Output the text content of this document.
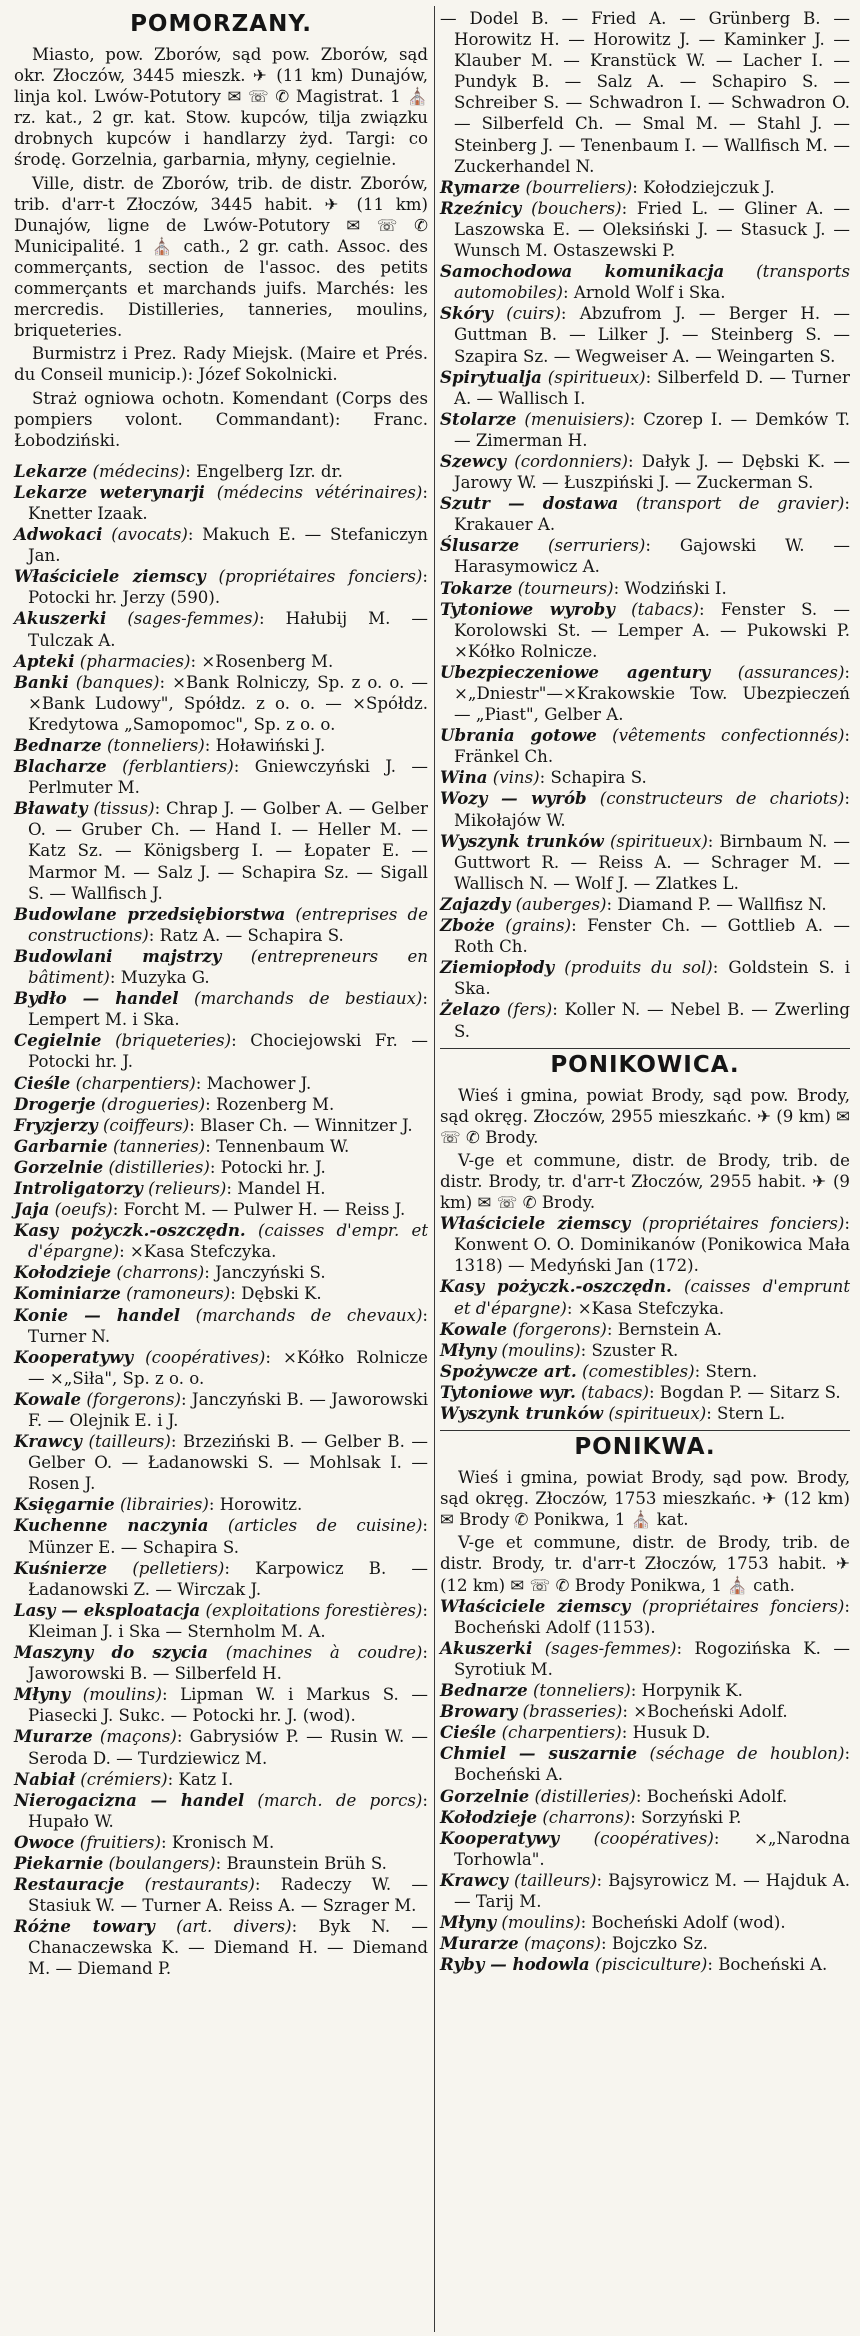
POMORZANY.

Miasto, pow. Zborów, sąd pow. Zborów, sąd okr. Złoczów, 3445 mieszk. ✈ (11 km) Dunajów, linja kol. Lwów-Potutory ✉ ☏ ✆ Magistrat. 1 ⛪ rz. kat., 2 gr. kat. Stow. kupców, tilja związku drobnych kupców i handlarzy żyd. Targi: co środę. Gorzelnia, garbarnia, młyny, cegielnie.

Ville, distr. de Zborów, trib. de distr. Zborów, trib. d'arr-t Złoczów, 3445 habit. ✈ (11 km) Dunajów, ligne de Lwów-Potutory ✉ ☏ ✆ Municipalité. 1 ⛪ cath., 2 gr. cath. Assoc. des commerçants, section de l'assoc. des petits commerçants et marchands juifs. Marchés: les mercredis. Distilleries, tanneries, moulins, briqueteries.

Burmistrz i Prez. Rady Miejsk. (Maire et Prés. du Conseil municip.): Józef Sokolnicki.

Straż ogniowa ochotn. Komendant (Corps des pompiers volont. Commandant): Franc. Łobodziński.

Lekarze (médecins): Engelberg Izr. dr.

Lekarze weterynarji (médecins vétérinaires): Knetter Izaak.

Adwokaci (avocats): Makuch E. — Stefaniczyn Jan.

Właściciele ziemscy (propriétaires fonciers): Potocki hr. Jerzy (590).

Akuszerki (sages-femmes): Hałubij M. — Tulczak A.

Apteki (pharmacies): ×Rosenberg M.

Banki (banques): ×Bank Rolniczy, Sp. z o. o. — ×Bank Ludowy", Spółdz. z o. o. — ×Spółdz. Kredytowa „Samopomoc", Sp. z o. o.

Bednarze (tonneliers): Hoławiński J.

Blacharze (ferblantiers): Gniewczyński J. — Perlmuter M.

Bławaty (tissus): Chrap J. — Golber A. — Gelber O. — Gruber Ch. — Hand I. — Heller M. — Katz Sz. — Königsberg I. — Łopater E. — Marmor M. — Salz J. — Schapira Sz. — Sigall S. — Wallfisch J.

Budowlane przedsiębiorstwa (entreprises de constructions): Ratz A. — Schapira S.

Budowlani majstrzy (entrepreneurs en bâtiment): Muzyka G.

Bydło — handel (marchands de bestiaux): Lempert M. i Ska.

Cegielnie (briqueteries): Chociejowski Fr. — Potocki hr. J.

Cieśle (charpentiers): Machower J.

Drogerje (drogueries): Rozenberg M.

Fryzjerzy (coiffeurs): Blaser Ch. — Winnitzer J.

Garbarnie (tanneries): Tennenbaum W.

Gorzelnie (distilleries): Potocki hr. J.

Introligatorzy (relieurs): Mandel H.

Jaja (oeufs): Forcht M. — Pulwer H. — Reiss J.

Kasy pożyczk.-oszczędn. (caisses d'empr. et d'épargne): ×Kasa Stefczyka.

Kołodzieje (charrons): Janczyński S.

Kominiarze (ramoneurs): Dębski K.

Konie — handel (marchands de chevaux): Turner N.

Kooperatywy (coopératives): ×Kółko Rolnicze — ×„Siła", Sp. z o. o.

Kowale (forgerons): Janczyński B. — Jaworowski F. — Olejnik E. i J.

Krawcy (tailleurs): Brzeziński B. — Gelber B. — Gelber O. — Ładanowski S. — Mohlsak I. — Rosen J.

Księgarnie (librairies): Horowitz.

Kuchenne naczynia (articles de cuisine): Münzer E. — Schapira S.

Kuśnierze (pelletiers): Karpowicz B. — Ładanowski Z. — Wirczak J.

Lasy — eksploatacja (exploitations forestières): Kleiman J. i Ska — Sternholm M. A.

Maszyny do szycia (machines à coudre): Jaworowski B. — Silberfeld H.

Młyny (moulins): Lipman W. i Markus S. — Piasecki J. Sukc. — Potocki hr. J. (wod).

Murarze (maçons): Gabrysiów P. — Rusin W. — Seroda D. — Turdziewicz M.

Nabiał (crémiers): Katz I.

Nierogacizna — handel (march. de porcs): Hupało W.

Owoce (fruitiers): Kronisch M.

Piekarnie (boulangers): Braunstein Brüh S.

Restauracje (restaurants): Radeczy W. — Stasiuk W. — Turner A. Reiss A. — Szrager M.

Różne towary (art. divers): Byk N. — Chanaczewska K. — Diemand H. — Diemand M. — Diemand P.

— Dodel B. — Fried A. — Grünberg B. — Horowitz H. — Horowitz J. — Kaminker J. — Klauber M. — Kranstück W. — Lacher I. — Pundyk B. — Salz A. — Schapiro S. — Schreiber S. — Schwadron I. — Schwadron O. — Silberfeld Ch. — Smal M. — Stahl J. — Steinberg J. — Tenenbaum I. — Wallfisch M. — Zuckerhandel N.

Rymarze (bourreliers): Kołodziejczuk J.

Rzeźnicy (bouchers): Fried L. — Gliner A. — Laszowska E. — Oleksiński J. — Stasuck J. — Wunsch M. Ostaszewski P.

Samochodowa komunikacja (transports automobiles): Arnold Wolf i Ska.

Skóry (cuirs): Abzufrom J. — Berger H. — Guttman B. — Lilker J. — Steinberg S. — Szapira Sz. — Wegweiser A. — Weingarten S.

Spirytualja (spiritueux): Silberfeld D. — Turner A. — Wallisch I.

Stolarze (menuisiers): Czorep I. — Demków T. — Zimerman H.

Szewcy (cordonniers): Dałyk J. — Dębski K. — Jarowy W. — Łuszpiński J. — Zuckerman S.

Szutr — dostawa (transport de gravier): Krakauer A.

Ślusarze (serruriers): Gajowski W. — Harasymowicz A.

Tokarze (tourneurs): Wodziński I.

Tytoniowe wyroby (tabacs): Fenster S. — Korolowski St. — Lemper A. — Pukowski P. ×Kółko Rolnicze.

Ubezpieczeniowe agentury (assurances): ×„Dniestr"—×Krakowskie Tow. Ubezpieczeń — „Piast", Gelber A.

Ubrania gotowe (vêtements confectionnés): Fränkel Ch.

Wina (vins): Schapira S.

Wozy — wyrób (constructeurs de chariots): Mikołajów W.

Wyszynk trunków (spiritueux): Birnbaum N. — Guttwort R. — Reiss A. — Schrager M. — Wallisch N. — Wolf J. — Zlatkes L.

Zajazdy (auberges): Diamand P. — Wallfisz N.

Zboże (grains): Fenster Ch. — Gottlieb A. — Roth Ch.

Ziemiopłody (produits du sol): Goldstein S. i Ska.

Żelazo (fers): Koller N. — Nebel B. — Zwerling S.

PONIKOWICA.

Wieś i gmina, powiat Brody, sąd pow. Brody, sąd okręg. Złoczów, 2955 mieszkańc. ✈ (9 km) ✉ ☏ ✆ Brody.

V-ge et commune, distr. de Brody, trib. de distr. Brody, tr. d'arr-t Złoczów, 2955 habit. ✈ (9 km) ✉ ☏ ✆ Brody.

Właściciele ziemscy (propriétaires fonciers): Konwent O. O. Dominikanów (Ponikowica Mała 1318) — Medyński Jan (172).

Kasy pożyczk.-oszczędn. (caisses d'emprunt et d'épargne): ×Kasa Stefczyka.

Kowale (forgerons): Bernstein A.

Młyny (moulins): Szuster R.

Spożywcze art. (comestibles): Stern.

Tytoniowe wyr. (tabacs): Bogdan P. — Sitarz S.

Wyszynk trunków (spiritueux): Stern L.

PONIKWA.

Wieś i gmina, powiat Brody, sąd pow. Brody, sąd okręg. Złoczów, 1753 mieszkańc. ✈ (12 km) ✉ Brody ✆ Ponikwa, 1 ⛪ kat.

V-ge et commune, distr. de Brody, trib. de distr. Brody, tr. d'arr-t Złoczów, 1753 habit. ✈ (12 km) ✉ ☏ ✆ Brody Ponikwa, 1 ⛪ cath.

Właściciele ziemscy (propriétaires fonciers): Bocheński Adolf (1153).

Akuszerki (sages-femmes): Rogozińska K. — Syrotiuk M.

Bednarze (tonneliers): Horpynik K.

Browary (brasseries): ×Bocheński Adolf.

Cieśle (charpentiers): Husuk D.

Chmiel — suszarnie (séchage de houblon): Bocheński A.

Gorzelnie (distilleries): Bocheński Adolf.

Kołodzieje (charrons): Sorzyński P.

Kooperatywy (coopératives): ×„Narodna Torhowla".

Krawcy (tailleurs): Bajsyrowicz M. — Hajduk A. — Tarij M.

Młyny (moulins): Bocheński Adolf (wod).

Murarze (maçons): Bojczko Sz.

Ryby — hodowla (pisciculture): Bocheński A.
